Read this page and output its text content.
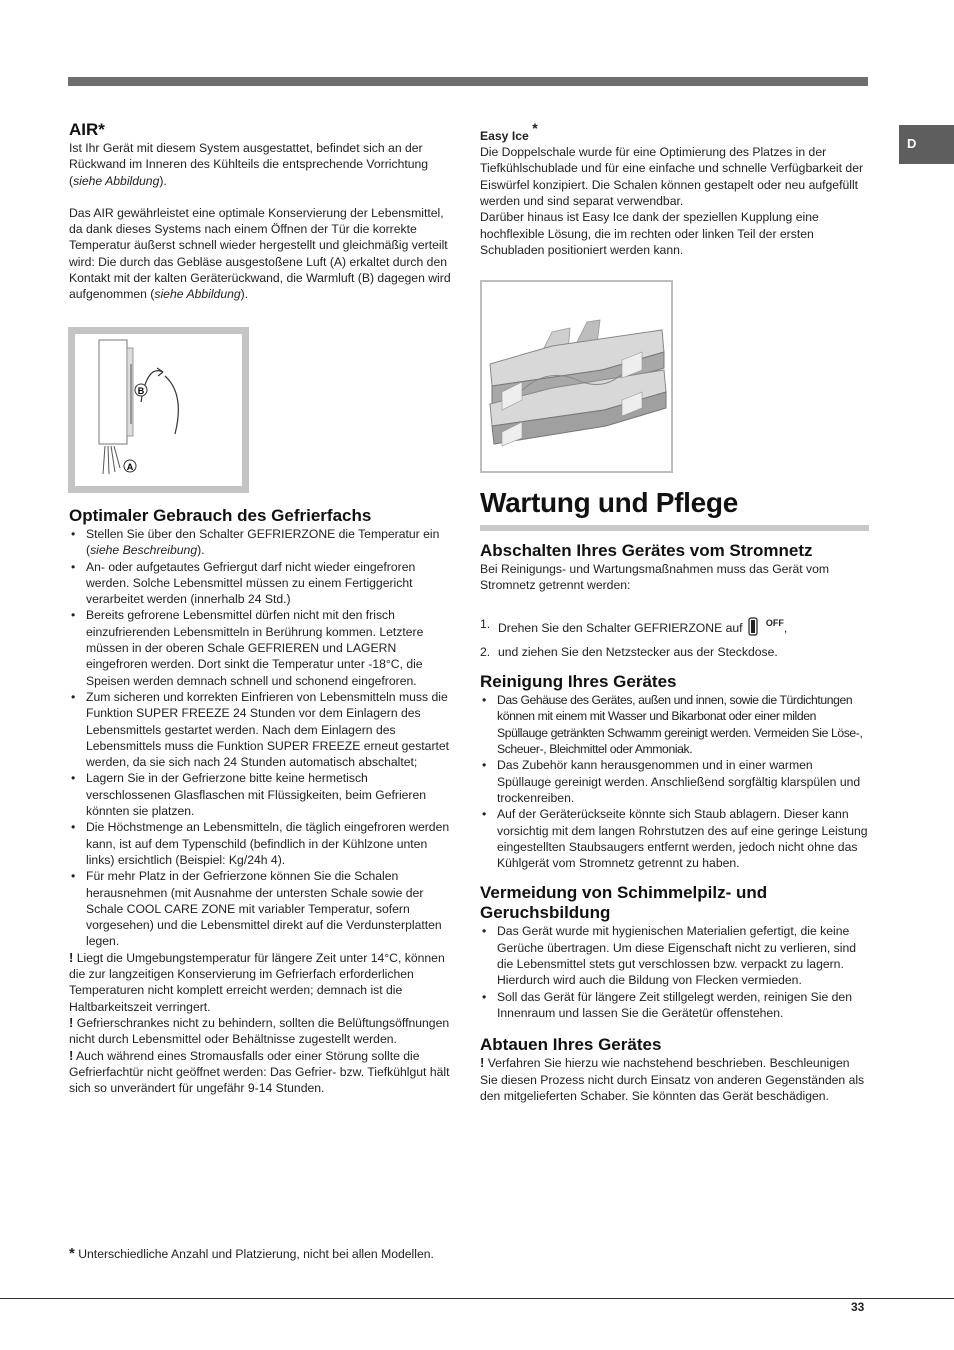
D
AIR*

Ist Ihr Gerät mit diesem System ausgestattet, befindet sich an der Rückwand im Inneren des Kühlteils die entsprechende Vorrichtung (siehe Abbildung).

Das AIR gewährleistet eine optimale Konservierung der Lebensmittel, da dank dieses Systems nach einem Öffnen der Tür die korrekte Temperatur äußerst schnell wieder hergestellt und gleichmäßig verteilt wird: Die durch das Gebläse ausgestoßene Luft (A) erkaltet durch den Kontakt mit der kalten Geräterückwand, die Warmluft (B) dagegen wird aufgenommen (siehe Abbildung).

B
A
Optimaler Gebrauch des Gefrierfachs
• Stellen Sie über den Schalter GEFRIERZONE die Temperatur ein (siehe Beschreibung).
• An- oder aufgetautes Gefriergut darf nicht wieder eingefroren werden. Solche Lebensmittel müssen zu einem Fertiggericht verarbeitet werden (innerhalb 24 Std.)
• Bereits gefrorene Lebensmittel dürfen nicht mit den frisch einzufrierenden Lebensmitteln in Berührung kommen. Letztere müssen in der oberen Schale GEFRIEREN und LAGERN eingefroren werden. Dort sinkt die Temperatur unter -18°C, die Speisen werden demnach schnell und schonend eingefroren.
• Zum sicheren und korrekten Einfrieren von Lebensmitteln muss die Funktion SUPER FREEZE 24 Stunden vor dem Einlagern des Lebensmittels gestartet werden. Nach dem Einlagern des Lebensmittels muss die Funktion SUPER FREEZE erneut gestartet werden, da sie sich nach 24 Stunden automatisch abschaltet;
• Lagern Sie in der Gefrierzone bitte keine hermetisch verschlossenen Glasflaschen mit Flüssigkeiten, beim Gefrieren könnten sie platzen.
• Die Höchstmenge an Lebensmitteln, die täglich eingefroren werden kann, ist auf dem Typenschild (befindlich in der Kühlzone unten links) ersichtlich (Beispiel: Kg/24h 4).
• Für mehr Platz in der Gefrierzone können Sie die Schalen herausnehmen (mit Ausnahme der untersten Schale sowie der Schale COOL CARE ZONE mit variabler Temperatur, sofern vorgesehen) und die Lebensmittel direkt auf die Verdunsterplatten legen.

! Liegt die Umgebungstemperatur für längere Zeit unter 14°C, können die zur langzeitigen Konservierung im Gefrierfach erforderlichen Temperaturen nicht komplett erreicht werden; demnach ist die Haltbarkeitszeit verringert.

! Gefrierschrankes nicht zu behindern, sollten die Belüftungsöffnungen nicht durch Lebensmittel oder Behältnisse zugestellt werden.

! Auch während eines Stromausfalls oder einer Störung sollte die Gefrierfachtür nicht geöffnet werden: Das Gefrier- bzw. Tiefkühlgut hält sich so unverändert für ungefähr 9-14 Stunden.

Easy Ice *

Die Doppelschale wurde für eine Optimierung des Platzes in der Tiefkühlschublade und für eine einfache und schnelle Verfügbarkeit der Eiswürfel konzipiert. Die Schalen können gestapelt oder neu aufgefüllt werden und sind separat verwendbar.

Darüber hinaus ist Easy Ice dank der speziellen Kupplung eine hochflexible Lösung, die im rechten oder linken Teil der ersten Schubladen positioniert werden kann.

Wartung und Pflege
Abschalten Ihres Gerätes vom Stromnetz

Bei Reinigungs- und Wartungsmaßnahmen muss das Gerät vom Stromnetz getrennt werden:

1. Drehen Sie den Schalter GEFRIERZONE auf	$^{OFF}$,
2. und ziehen Sie den Netzstecker aus der Steckdose.
Reinigung Ihres Gerätes
• Das Gehäuse des Gerätes, außen und innen, sowie die Türdichtungen können mit einem mit Wasser und Bikarbonat oder einer milden Spüllauge getränkten Schwamm gereinigt werden. Vermeiden Sie Löse-, Scheuer-, Bleichmittel oder Ammoniak.
• Das Zubehör kann herausgenommen und in einer warmen Spüllauge gereinigt werden. Anschließend sorgfältig klarspülen und trockenreiben.
• Auf der Geräterückseite könnte sich Staub ablagern. Dieser kann vorsichtig mit dem langen Rohrstutzen des auf eine geringe Leistung eingestellten Staubsaugers entfernt werden, jedoch nicht ohne das Kühlgerät vom Stromnetz getrennt zu haben.
Vermeidung von Schimmelpilz- und Geruchsbildung
• Das Gerät wurde mit hygienischen Materialien gefertigt, die keine Gerüche übertragen. Um diese Eigenschaft nicht zu verlieren, sind die Lebensmittel stets gut verschlossen bzw. verpackt zu lagern. Hierdurch wird auch die Bildung von Flecken vermieden.
• Soll das Gerät für längere Zeit stillgelegt werden, reinigen Sie den Innenraum und lassen Sie die Gerätetür offenstehen.
Abtauen Ihres Gerätes

! Verfahren Sie hierzu wie nachstehend beschrieben. Beschleunigen Sie diesen Prozess nicht durch Einsatz von anderen Gegenständen als den mitgelieferten Schaber. Sie könnten das Gerät beschädigen.

* Unterschiedliche Anzahl und Platzierung, nicht bei allen Modellen.
33
